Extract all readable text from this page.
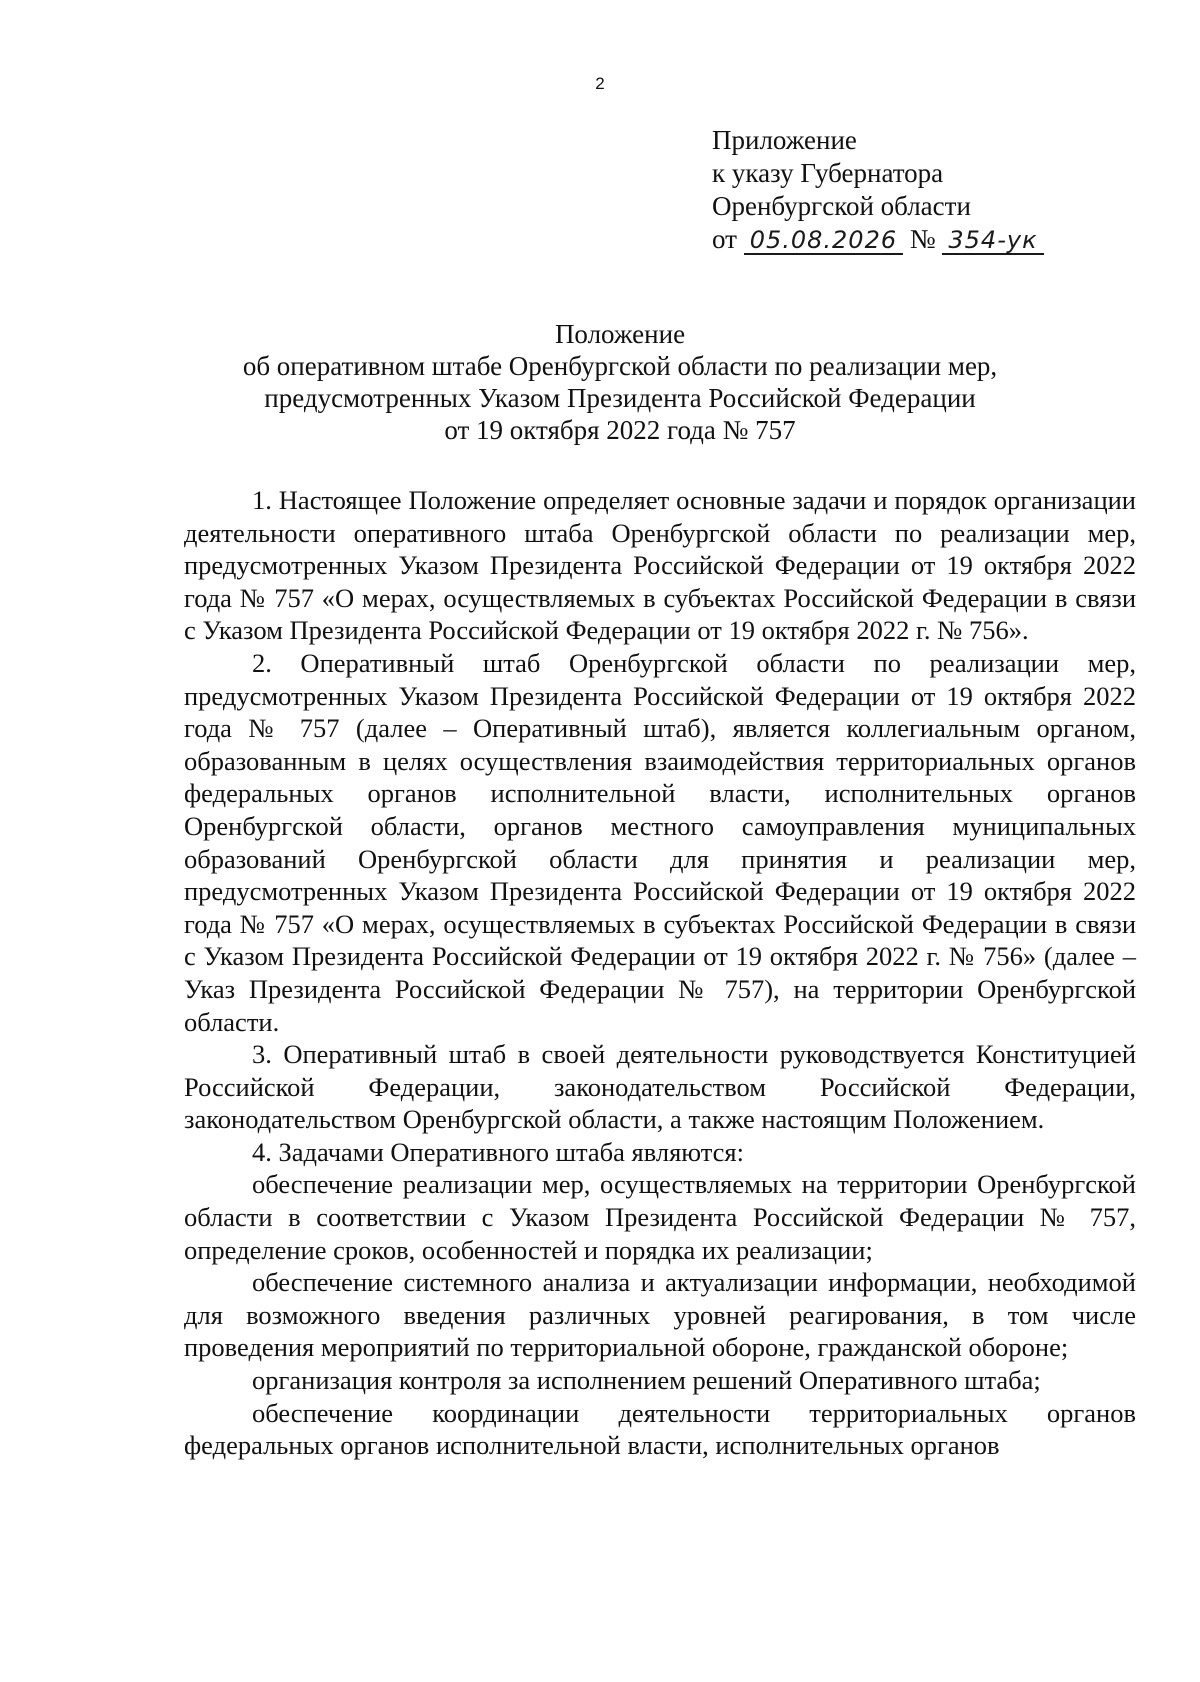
2
Приложение
к указу Губернатора
Оренбургской области
от 05.08.2026 № 354-ук
Положение
об оперативном штабе Оренбургской области по реализации мер,
предусмотренных Указом Президента Российской Федерации
от 19 октября 2022 года № 757

1. Настоящее Положение определяет основные задачи и порядок организации деятельности оперативного штаба Оренбургской области по реализации мер, предусмотренных Указом Президента Российской Федерации от 19 октября 2022 года № 757 «О мерах, осуществляемых в субъектах Российской Федерации в связи с Указом Президента Российской Федерации от 19 октября 2022 г. № 756».

2. Оперативный штаб Оренбургской области по реализации мер, предусмотренных Указом Президента Российской Федерации от 19 октября 2022 года № 757 (далее – Оперативный штаб), является коллегиальным органом, образованным в целях осуществления взаимодействия территориальных органов федеральных органов исполнительной власти, исполнительных органов Оренбургской области, органов местного самоуправления муниципальных образований Оренбургской области для принятия и реализации мер, предусмотренных Указом Президента Российской Федерации от 19 октября 2022 года № 757 «О мерах, осуществляемых в субъектах Российской Федерации в связи с Указом Президента Российской Федерации от 19 октября 2022 г. № 756» (далее – Указ Президента Российской Федерации № 757), на территории Оренбургской области.

3. Оперативный штаб в своей деятельности руководствуется Конституцией Российской Федерации, законодательством Российской Федерации, законодательством Оренбургской области, а также настоящим Положением.

4. Задачами Оперативного штаба являются:

обеспечение реализации мер, осуществляемых на территории Оренбургской области в соответствии с Указом Президента Российской Федерации № 757, определение сроков, особенностей и порядка их реализации;

обеспечение системного анализа и актуализации информации, необходимой для возможного введения различных уровней реагирования, в том числе проведения мероприятий по территориальной обороне, гражданской обороне;

организация контроля за исполнением решений Оперативного штаба;

обеспечение координации деятельности территориальных органов федеральных органов исполнительной власти, исполнительных органов
